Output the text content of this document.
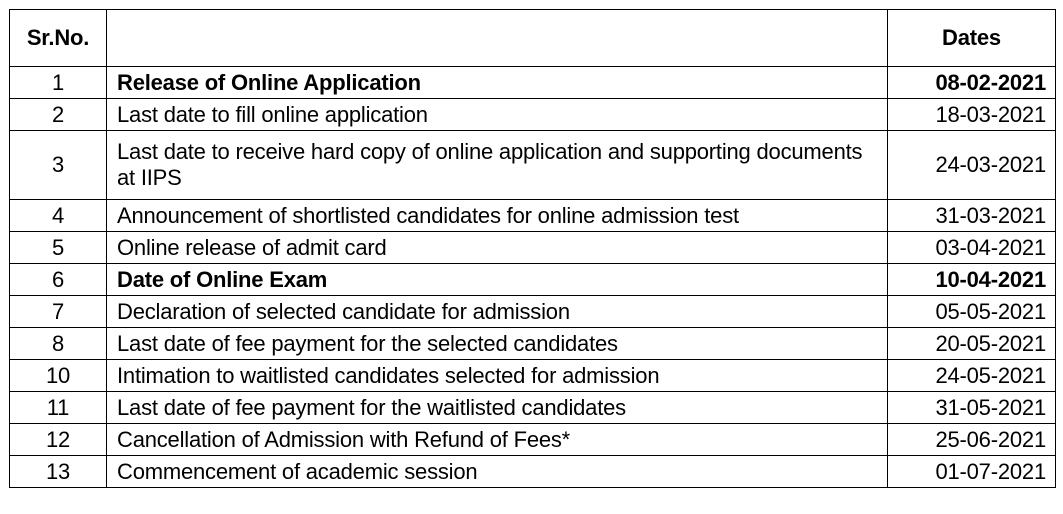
Sr.No.		Dates
1	Release of Online Application	08-02-2021
2	Last date to fill online application	18-03-2021
3	Last date to receive hard copy of online application and supporting documents at IIPS	24-03-2021
4	Announcement of shortlisted candidates for online admission test	31-03-2021
5	Online release of admit card	03-04-2021
6	Date of Online Exam	10-04-2021
7	Declaration of selected candidate for admission	05-05-2021
8	Last date of fee payment for the selected candidates	20-05-2021
10	Intimation to waitlisted candidates selected for admission	24-05-2021
11	Last date of fee payment for the waitlisted candidates	31-05-2021
12	Cancellation of Admission with Refund of Fees*	25-06-2021
13	Commencement of academic session	01-07-2021
